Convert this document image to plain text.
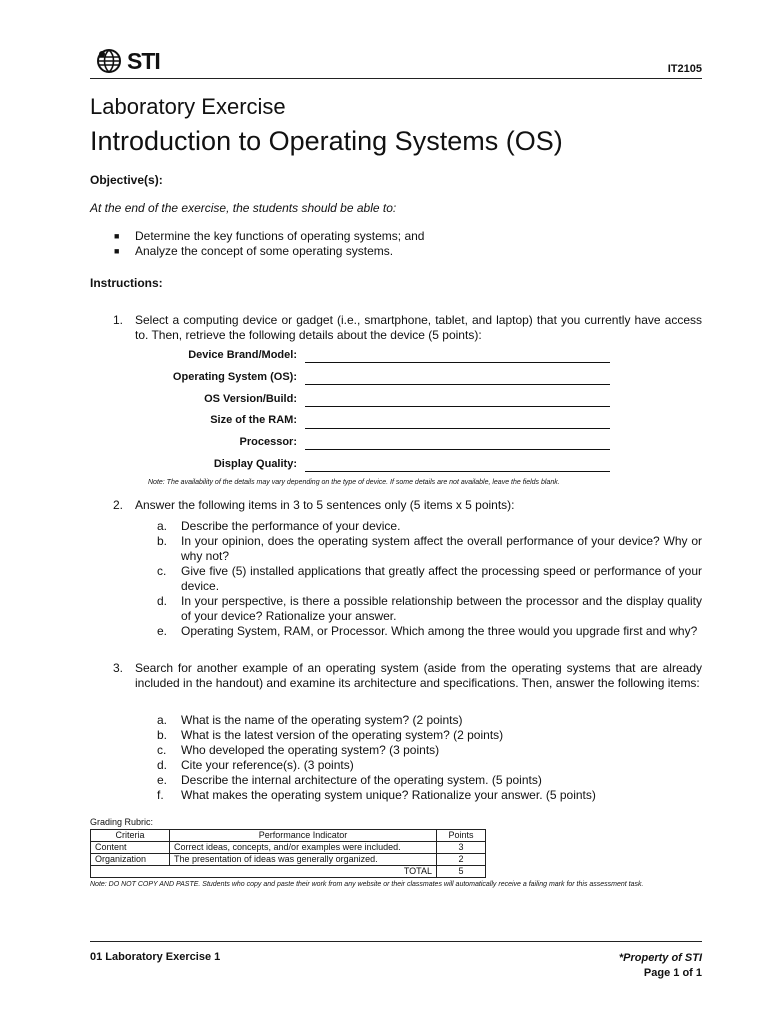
STI	IT2105
Laboratory Exercise
Introduction to Operating Systems (OS)
Objective(s):
At the end of the exercise, the students should be able to:
■	Determine the key functions of operating systems; and
■	Analyze the concept of some operating systems.
Instructions:
1. Select a computing device or gadget (i.e., smartphone, tablet, and laptop) that you currently have access to. Then, retrieve the following details about the device (5 points):
Device Brand/Model:
Operating System (OS):
OS Version/Build:
Size of the RAM:
Processor:
Display Quality:
Note: The availability of the details may vary depending on the type of device. If some details are not available, leave the fields blank.
2. Answer the following items in 3 to 5 sentences only (5 items x 5 points):
a.	Describe the performance of your device.
b.	In your opinion, does the operating system affect the overall performance of your device? Why or why not?
c.	Give five (5) installed applications that greatly affect the processing speed or performance of your device.
d.	In your perspective, is there a possible relationship between the processor and the display quality of your device? Rationalize your answer.
e.	Operating System, RAM, or Processor. Which among the three would you upgrade first and why?
3. Search for another example of an operating system (aside from the operating systems that are already included in the handout) and examine its architecture and specifications. Then, answer the following items:
a.	What is the name of the operating system? (2 points)
b.	What is the latest version of the operating system? (2 points)
c.	Who developed the operating system? (3 points)
d.	Cite your reference(s). (3 points)
e.	Describe the internal architecture of the operating system. (5 points)
f.	What makes the operating system unique? Rationalize your answer. (5 points)
Grading Rubric:
Criteria	Performance Indicator	Points
Content	Correct ideas, concepts, and/or examples were included.	3
Organization	The presentation of ideas was generally organized.	2
TOTAL		5
Note: DO NOT COPY AND PASTE. Students who copy and paste their work from any website or their classmates will automatically receive a failing mark for this assessment task.
01 Laboratory Exercise 1	*Property of STI
Page 1 of 1
